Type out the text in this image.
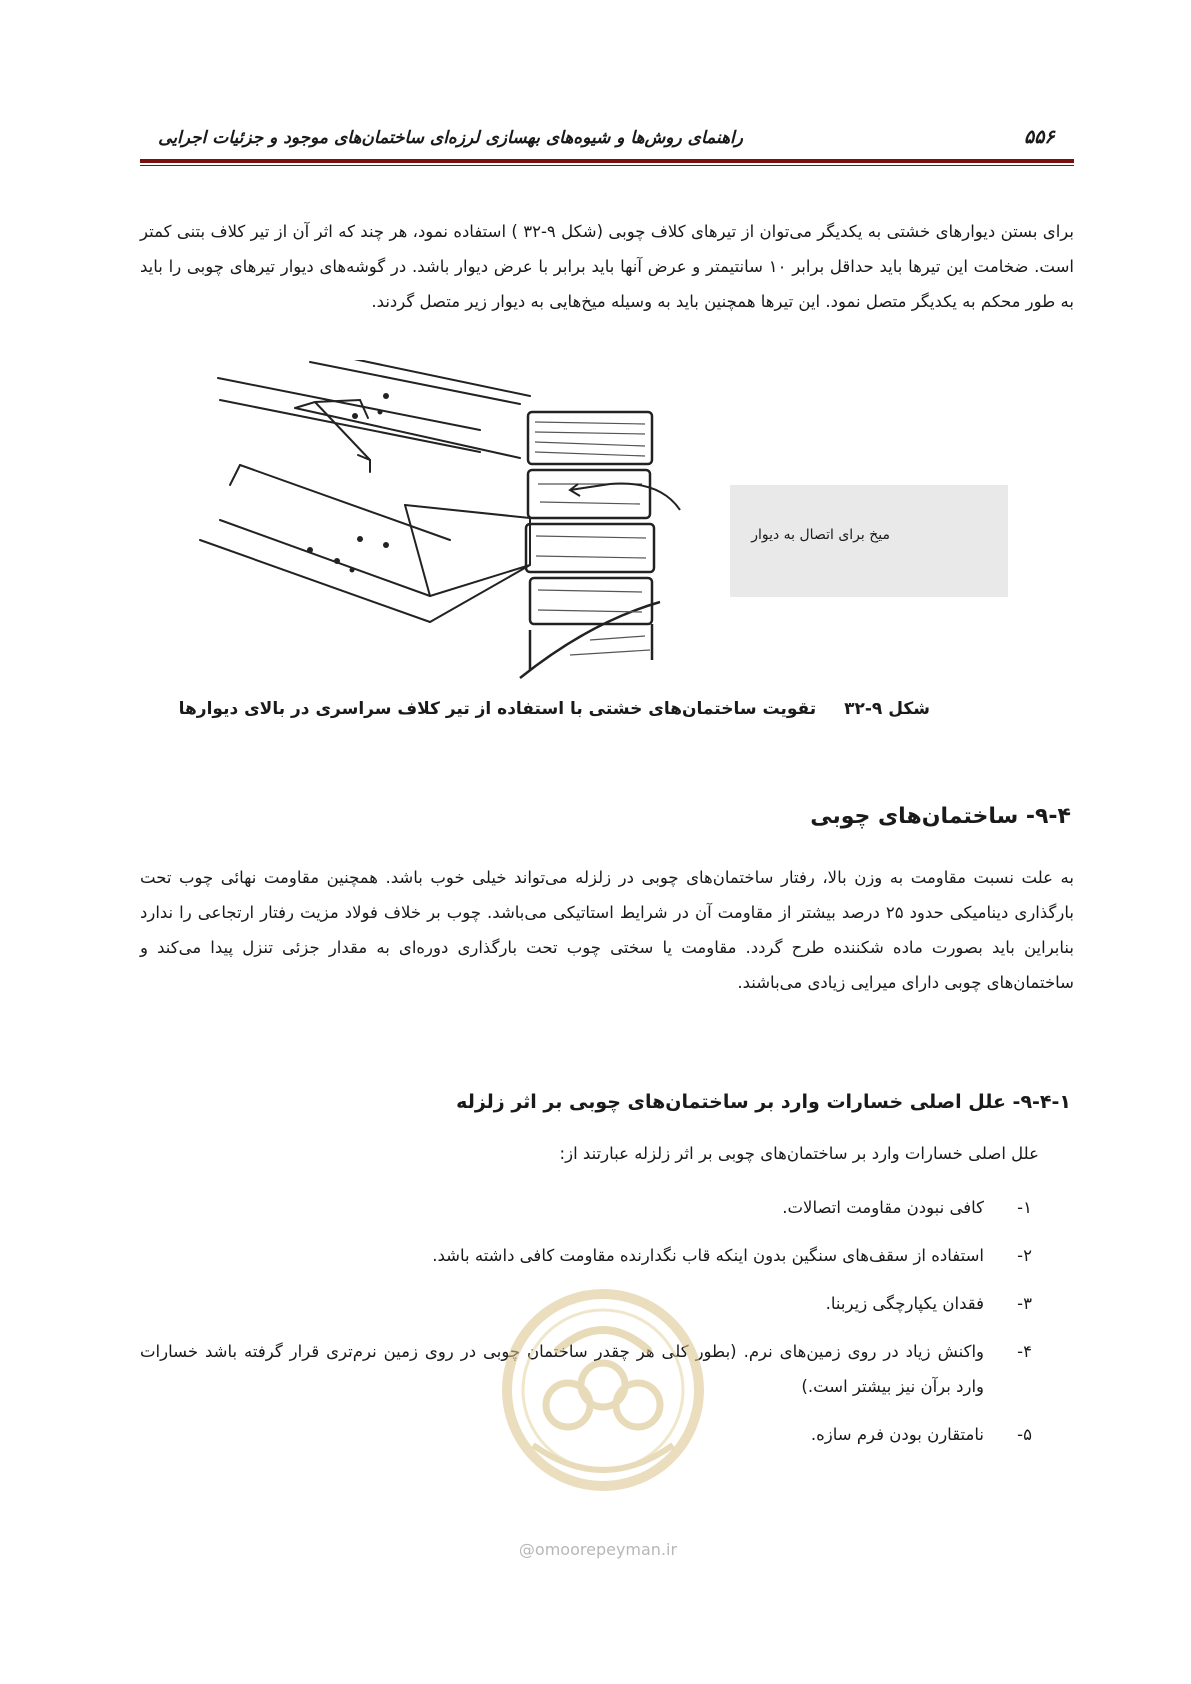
راهنمای روش‌ها و شیوه‌های بهسازی لرزه‌ای ساختمان‌های موجود و جزئیات اجرایی	۵۵۶
برای بستن دیوارهای خشتی به یکدیگر می‌توان از تیرهای کلاف چوبی (شکل ۹-۳۲ ) استفاده نمود، هر چند که اثر آن از تیر کلاف بتنی کمتر است. ضخامت این تیرها باید حداقل برابر ۱۰ سانتیمتر و عرض آنها باید برابر با عرض دیوار باشد. در گوشه‌های دیوار تیرهای چوبی را باید به طور محکم به یکدیگر متصل نمود. این تیرها همچنین باید به وسیله میخ‌هایی به دیوار زیر متصل گردند.
میخ برای اتصال به دیوار
شکل ۹-۳۲ تقویت ساختمان‌های خشتی با استفاده از تیر کلاف سراسری در بالای دیوارها
۹-۴- ساختمان‌های چوبی
به علت نسبت مقاومت به وزن بالا، رفتار ساختمان‌های چوبی در زلزله می‌تواند خیلی خوب باشد. همچنین مقاومت نهائی چوب تحت بارگذاری دینامیکی حدود ۲۵ درصد بیشتر از مقاومت آن در شرایط استاتیکی می‌باشد. چوب بر خلاف فولاد مزیت رفتار ارتجاعی را ندارد بنابراین باید بصورت ماده شکننده طرح گردد. مقاومت یا سختی چوب تحت بارگذاری دوره‌ای به مقدار جزئی تنزل پیدا می‌کند و ساختمان‌های چوبی دارای میرایی زیادی می‌باشند.
۹-۴-۱- علل اصلی خسارات وارد بر ساختمان‌های چوبی بر اثر زلزله
علل اصلی خسارات وارد بر ساختمان‌های چوبی بر اثر زلزله عبارتند از:
۱-
کافی نبودن مقاومت اتصالات.
۲-
استفاده از سقف‌های سنگین بدون اینکه قاب نگدارنده مقاومت کافی داشته باشد.
۳-
فقدان یکپارچگی زیربنا.
۴-
واکنش زیاد در روی زمین‌های نرم. (بطور کلی هر چقدر ساختمان چوبی در روی زمین نرم‌تری قرار گرفته باشد خسارات وارد برآن نیز بیشتر است.)
۵-
نامتقارن بودن فرم سازه.
@omoorepeyman.ir
